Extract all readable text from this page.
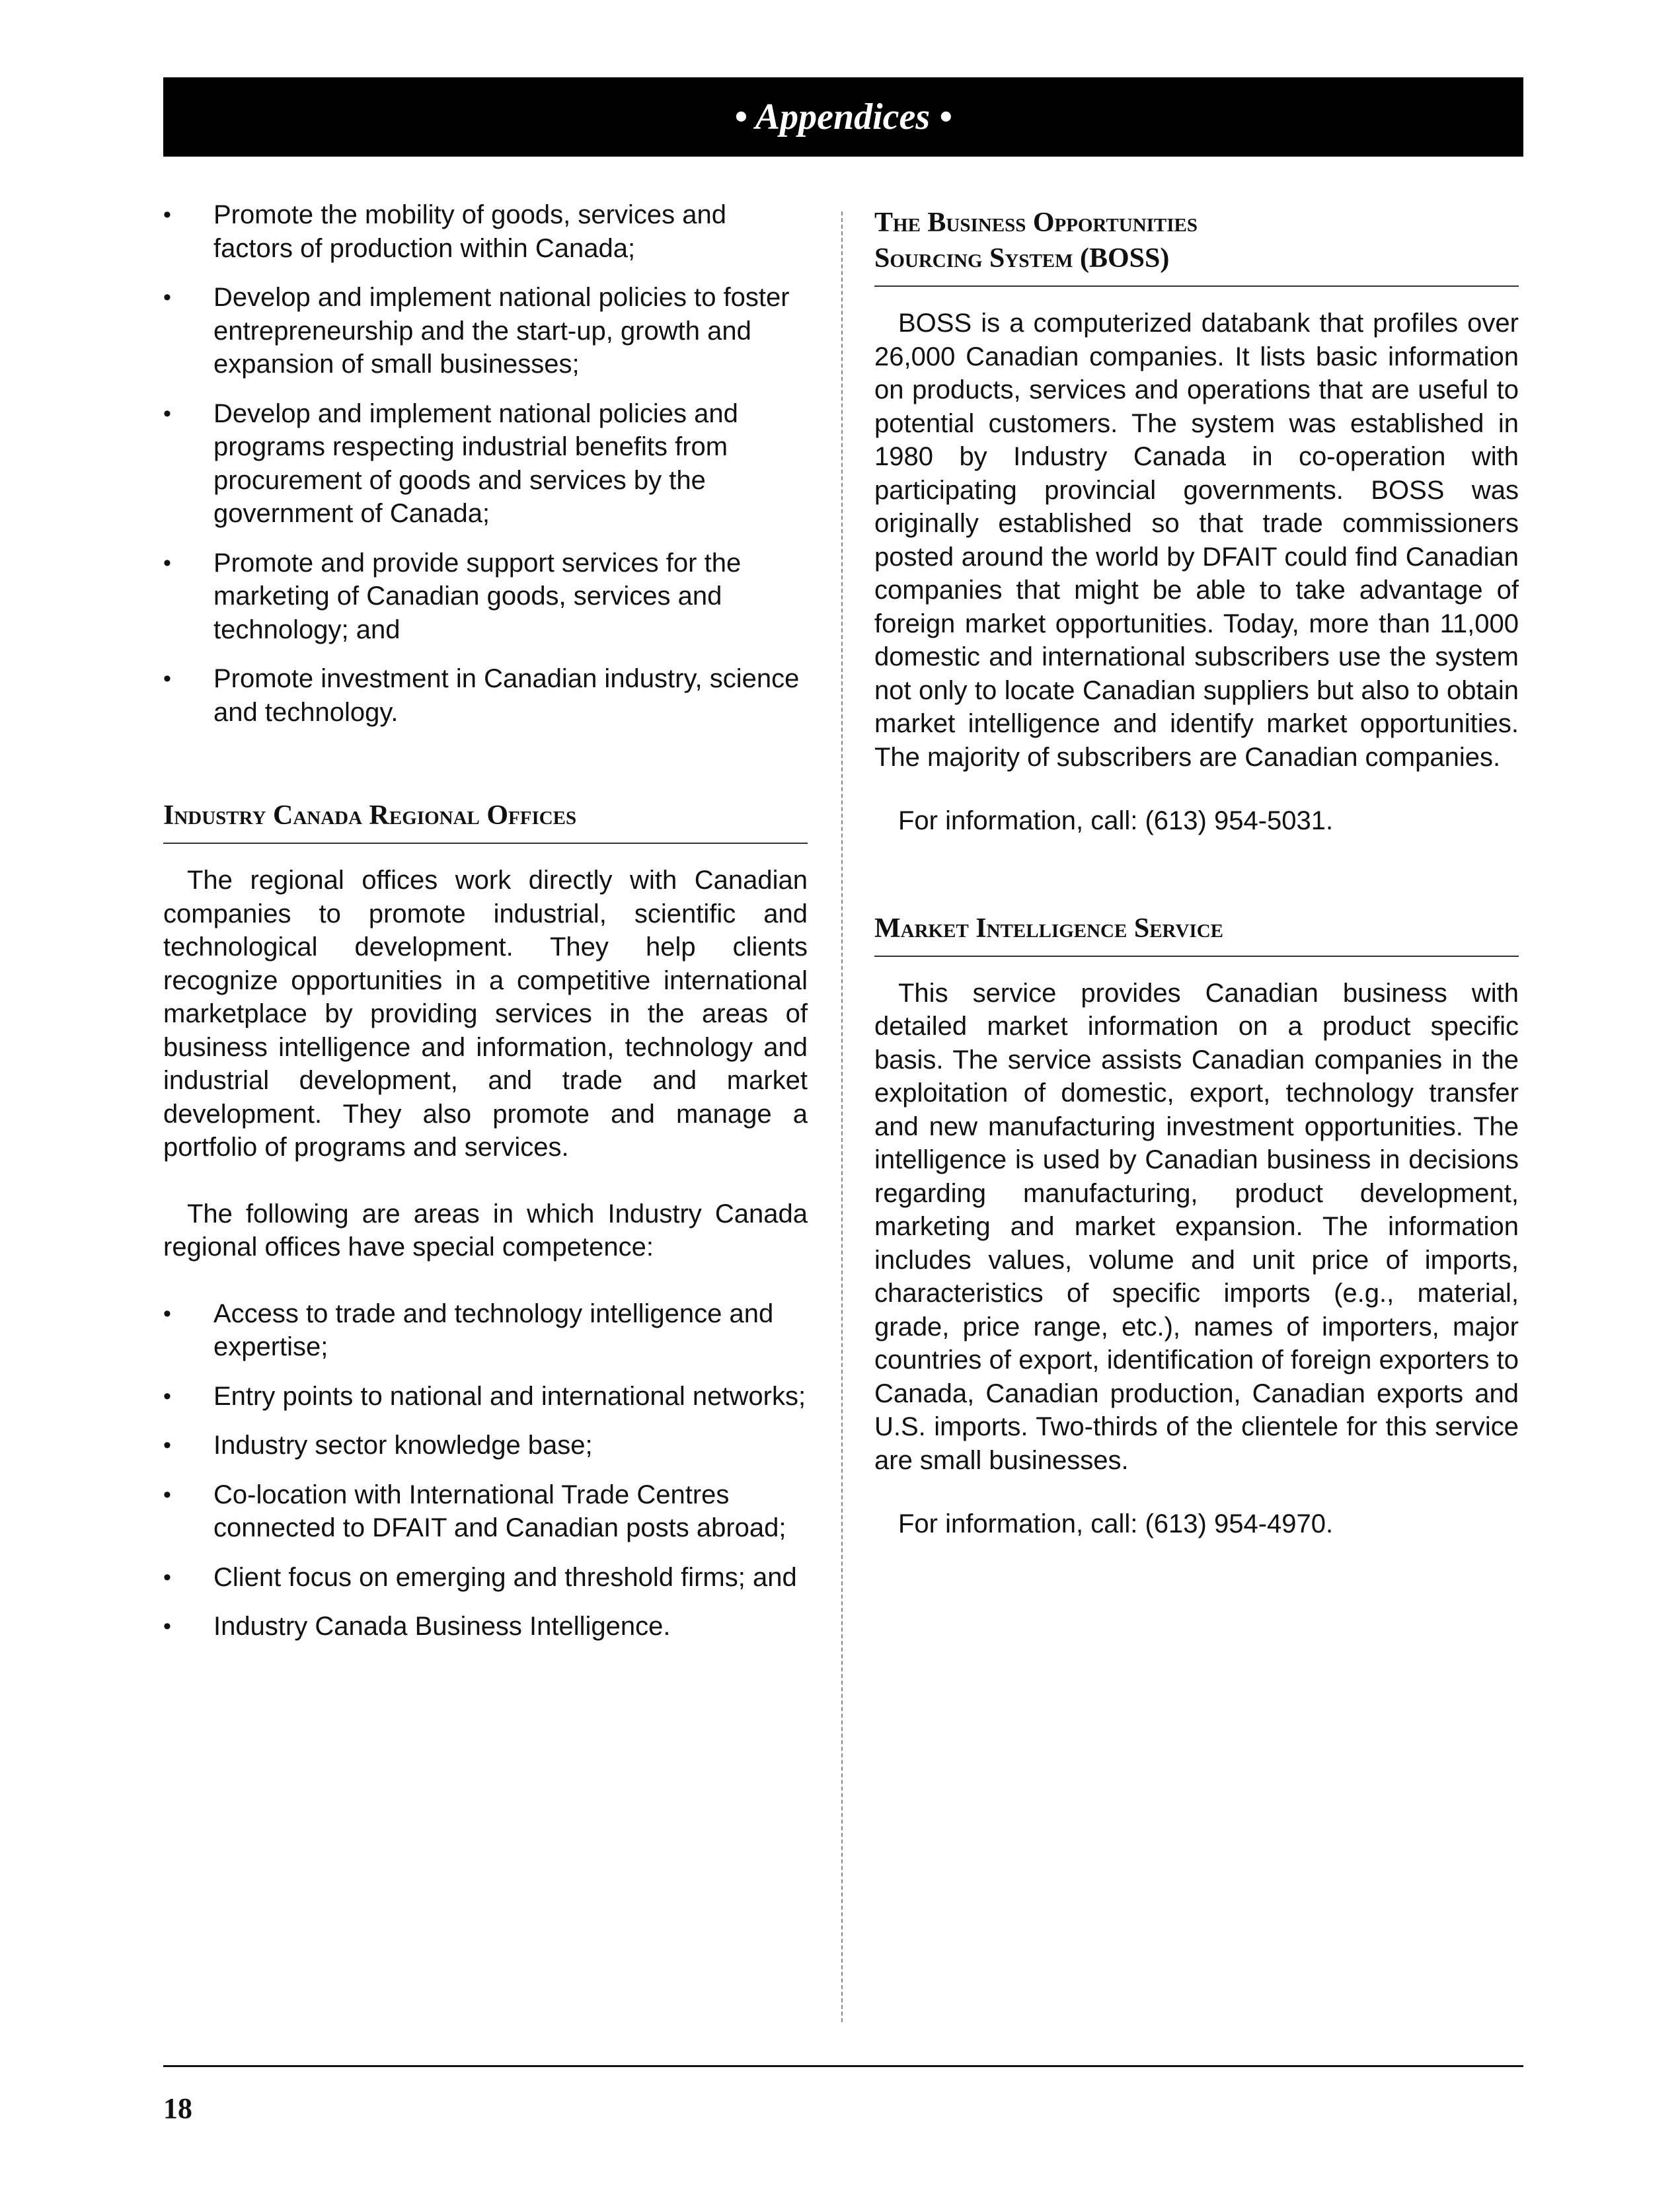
• Appendices •
• Promote the mobility of goods, services and factors of production within Canada;
• Develop and implement national policies to foster entrepreneurship and the start-up, growth and expansion of small businesses;
• Develop and implement national policies and programs respecting industrial benefits from procurement of goods and services by the government of Canada;
• Promote and provide support services for the marketing of Canadian goods, services and technology; and
• Promote investment in Canadian industry, science and technology.
Industry Canada Regional Offices

The regional offices work directly with Canadian companies to promote industrial, scientific and technological development. They help clients recognize opportunities in a competitive international marketplace by providing services in the areas of business intelligence and information, technology and industrial development, and trade and market development. They also promote and manage a portfolio of programs and services.

The following are areas in which Industry Canada regional offices have special competence:

• Access to trade and technology intelligence and expertise;
• Entry points to national and international networks;
• Industry sector knowledge base;
• Co-location with International Trade Centres connected to DFAIT and Canadian posts abroad;
• Client focus on emerging and threshold firms; and
• Industry Canada Business Intelligence.
The Business Opportunities
Sourcing System (BOSS)

BOSS is a computerized databank that profiles over 26,000 Canadian companies. It lists basic information on products, services and operations that are useful to potential customers. The system was established in 1980 by Industry Canada in co-operation with participating provincial governments. BOSS was originally established so that trade commissioners posted around the world by DFAIT could find Canadian companies that might be able to take advantage of foreign market opportunities. Today, more than 11,000 domestic and international subscribers use the system not only to locate Canadian suppliers but also to obtain market intelligence and identify market opportunities. The majority of subscribers are Canadian companies.

For information, call: (613) 954-5031.

Market Intelligence Service

This service provides Canadian business with detailed market information on a product specific basis. The service assists Canadian companies in the exploitation of domestic, export, technology transfer and new manufacturing investment opportunities. The intelligence is used by Canadian business in decisions regarding manufacturing, product development, marketing and market expansion. The information includes values, volume and unit price of imports, characteristics of specific imports (e.g., material, grade, price range, etc.), names of importers, major countries of export, identification of foreign exporters to Canada, Canadian production, Canadian exports and U.S. imports. Two-thirds of the clientele for this service are small businesses.

For information, call: (613) 954-4970.

18
